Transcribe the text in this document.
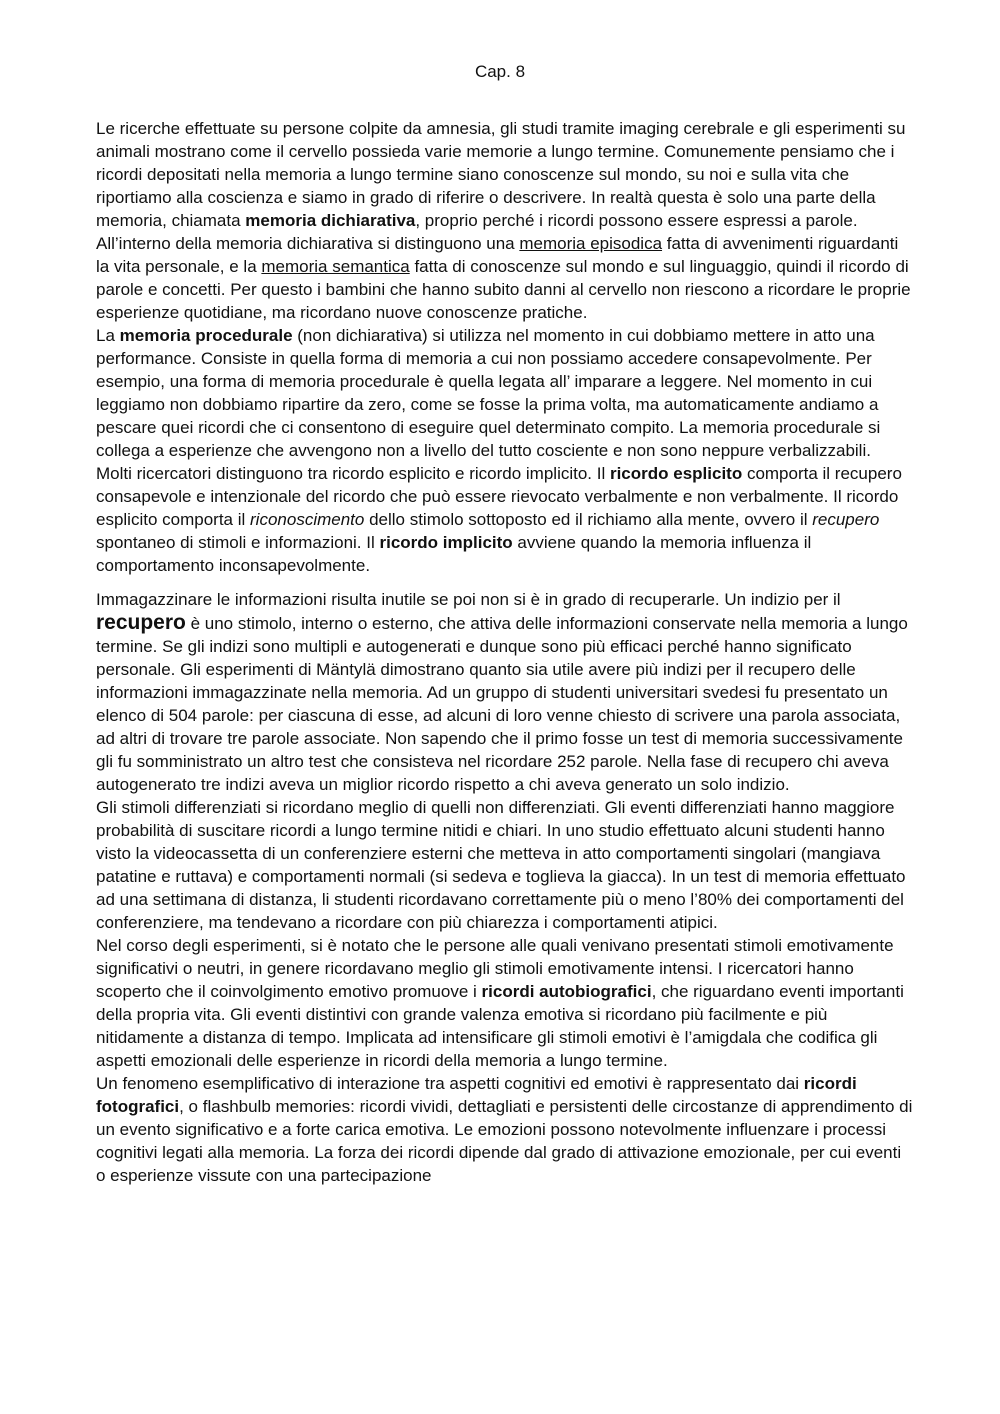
Cap. 8

Le ricerche effettuate su persone colpite da amnesia, gli studi tramite imaging cerebrale e gli esperimenti su animali mostrano come il cervello possieda varie memorie a lungo termine. Comunemente pensiamo che i ricordi depositati nella memoria a lungo termine siano conoscenze sul mondo, su noi e sulla vita che riportiamo alla coscienza e siamo in grado di riferire o descrivere. In realtà questa è solo una parte della memoria, chiamata memoria dichiarativa, proprio perché i ricordi possono essere espressi a parole. All’interno della memoria dichiarativa si distinguono una memoria episodica fatta di avvenimenti riguardanti la vita personale, e la memoria semantica fatta di conoscenze sul mondo e sul linguaggio, quindi il ricordo di parole e concetti. Per questo i bambini che hanno subito danni al cervello non riescono a ricordare le proprie esperienze quotidiane, ma ricordano nuove conoscenze pratiche.

La memoria procedurale (non dichiarativa) si utilizza nel momento in cui dobbiamo mettere in atto una performance. Consiste in quella forma di memoria a cui non possiamo accedere consapevolmente. Per esempio, una forma di memoria procedurale è quella legata all’ imparare a leggere. Nel momento in cui leggiamo non dobbiamo ripartire da zero, come se fosse la prima volta, ma automaticamente andiamo a pescare quei ricordi che ci consentono di eseguire quel determinato compito. La memoria procedurale si collega a esperienze che avvengono non a livello del tutto cosciente e non sono neppure verbalizzabili.

Molti ricercatori distinguono tra ricordo esplicito e ricordo implicito. Il ricordo esplicito comporta il recupero consapevole e intenzionale del ricordo che può essere rievocato verbalmente e non verbalmente. Il ricordo esplicito comporta il riconoscimento dello stimolo sottoposto ed il richiamo alla mente, ovvero il recupero spontaneo di stimoli e informazioni. Il ricordo implicito avviene quando la memoria influenza il comportamento inconsapevolmente.

Immagazzinare le informazioni risulta inutile se poi non si è in grado di recuperarle. Un indizio per il recupero è uno stimolo, interno o esterno, che attiva delle informazioni conservate nella memoria a lungo termine. Se gli indizi sono multipli e autogenerati e dunque sono più efficaci perché hanno significato personale. Gli esperimenti di Mäntylä dimostrano quanto sia utile avere più indizi per il recupero delle informazioni immagazzinate nella memoria. Ad un gruppo di studenti universitari svedesi fu presentato un elenco di 504 parole: per ciascuna di esse, ad alcuni di loro venne chiesto di scrivere una parola associata, ad altri di trovare tre parole associate. Non sapendo che il primo fosse un test di memoria successivamente gli fu somministrato un altro test che consisteva nel ricordare 252 parole. Nella fase di recupero chi aveva autogenerato tre indizi aveva un miglior ricordo rispetto a chi aveva generato un solo indizio.

Gli stimoli differenziati si ricordano meglio di quelli non differenziati. Gli eventi differenziati hanno maggiore probabilità di suscitare ricordi a lungo termine nitidi e chiari. In uno studio effettuato alcuni studenti hanno visto la videocassetta di un conferenziere esterni che metteva in atto comportamenti singolari (mangiava patatine e ruttava) e comportamenti normali (si sedeva e toglieva la giacca). In un test di memoria effettuato ad una settimana di distanza, li studenti ricordavano correttamente più o meno l’80% dei comportamenti del conferenziere, ma tendevano a ricordare con più chiarezza i comportamenti atipici.

Nel corso degli esperimenti, si è notato che le persone alle quali venivano presentati stimoli emotivamente significativi o neutri, in genere ricordavano meglio gli stimoli emotivamente intensi. I ricercatori hanno scoperto che il coinvolgimento emotivo promuove i ricordi autobiografici, che riguardano eventi importanti della propria vita. Gli eventi distintivi con grande valenza emotiva si ricordano più facilmente e più nitidamente a distanza di tempo. Implicata ad intensificare gli stimoli emotivi è l’amigdala che codifica gli aspetti emozionali delle esperienze in ricordi della memoria a lungo termine.

Un fenomeno esemplificativo di interazione tra aspetti cognitivi ed emotivi è rappresentato dai ricordi fotografici, o flashbulb memories: ricordi vividi, dettagliati e persistenti delle circostanze di apprendimento di un evento significativo e a forte carica emotiva. Le emozioni possono notevolmente influenzare i processi cognitivi legati alla memoria. La forza dei ricordi dipende dal grado di attivazione emozionale, per cui eventi o esperienze vissute con una partecipazione
